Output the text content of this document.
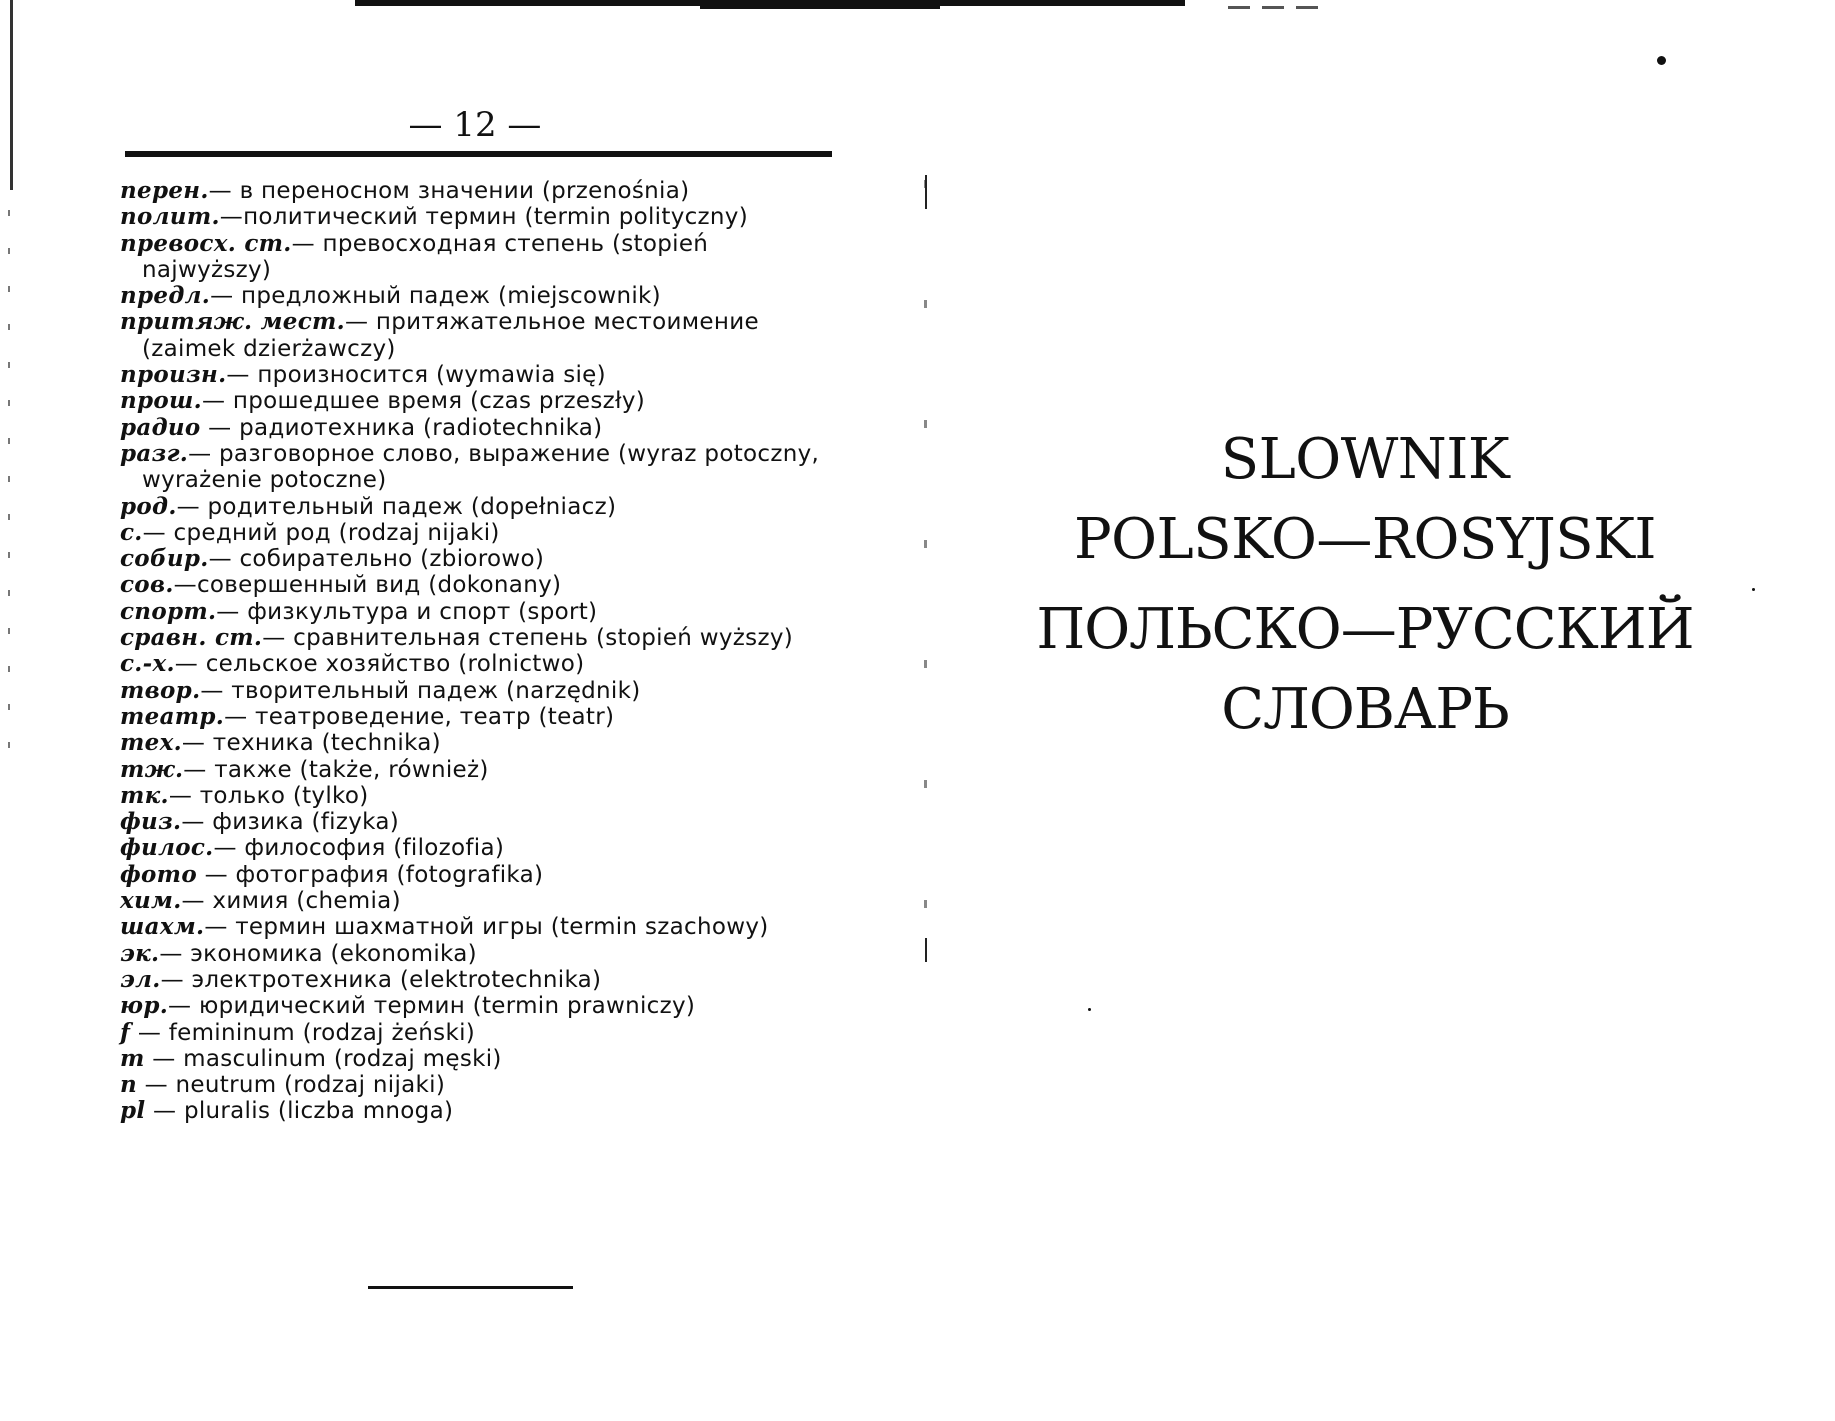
— 12 —
перен.— в переносном значении (przenośnia)
полит.—политический термин (termin polityczny)
превосх. ст.— превосходная степень (stopień najwyższy)
предл.— предложный падеж (miejscownik)
притяж. мест.— притяжательное местоимение (zaimek dzierżawczy)
произн.— произносится (wymawia się)
прош.— прошедшее время (czas przeszły)
радио — радиотехника (radiotechnika)
разг.— разговорное слово, выражение (wyraz potoczny, wyrażenie potoczne)
род.— родительный падеж (dopełniacz)
с.— средний род (rodzaj nijaki)
собир.— собирательно (zbiorowo)
сов.—совершенный вид (dokonany)
спорт.— физкультура и спорт (sport)
сравн. ст.— сравнительная степень (stopień wyższy)
с.-х.— сельское хозяйство (rolnictwo)
твор.— творительный падеж (narzędnik)
театр.— театроведение, театр (teatr)
тех.— техника (technika)
тж.— также (także, również)
тк.— только (tylko)
физ.— физика (fizyka)
филос.— философия (filozofia)
фото — фотография (fotografika)
хим.— химия (chemia)
шахм.— термин шахматной игры (termin szachowy)
эк.— экономика (ekonomika)
эл.— электротехника (elektrotechnika)
юр.— юридический термин (termin prawniczy)
f — femininum (rodzaj żeński)
m — masculinum (rodzaj męski)
n — neutrum (rodzaj nijaki)
pl — pluralis (liczba mnoga)
SLOWNIK
POLSKO—ROSYJSKI
ПОЛЬСКО—РУССКИЙ
СЛОВАРЬ
